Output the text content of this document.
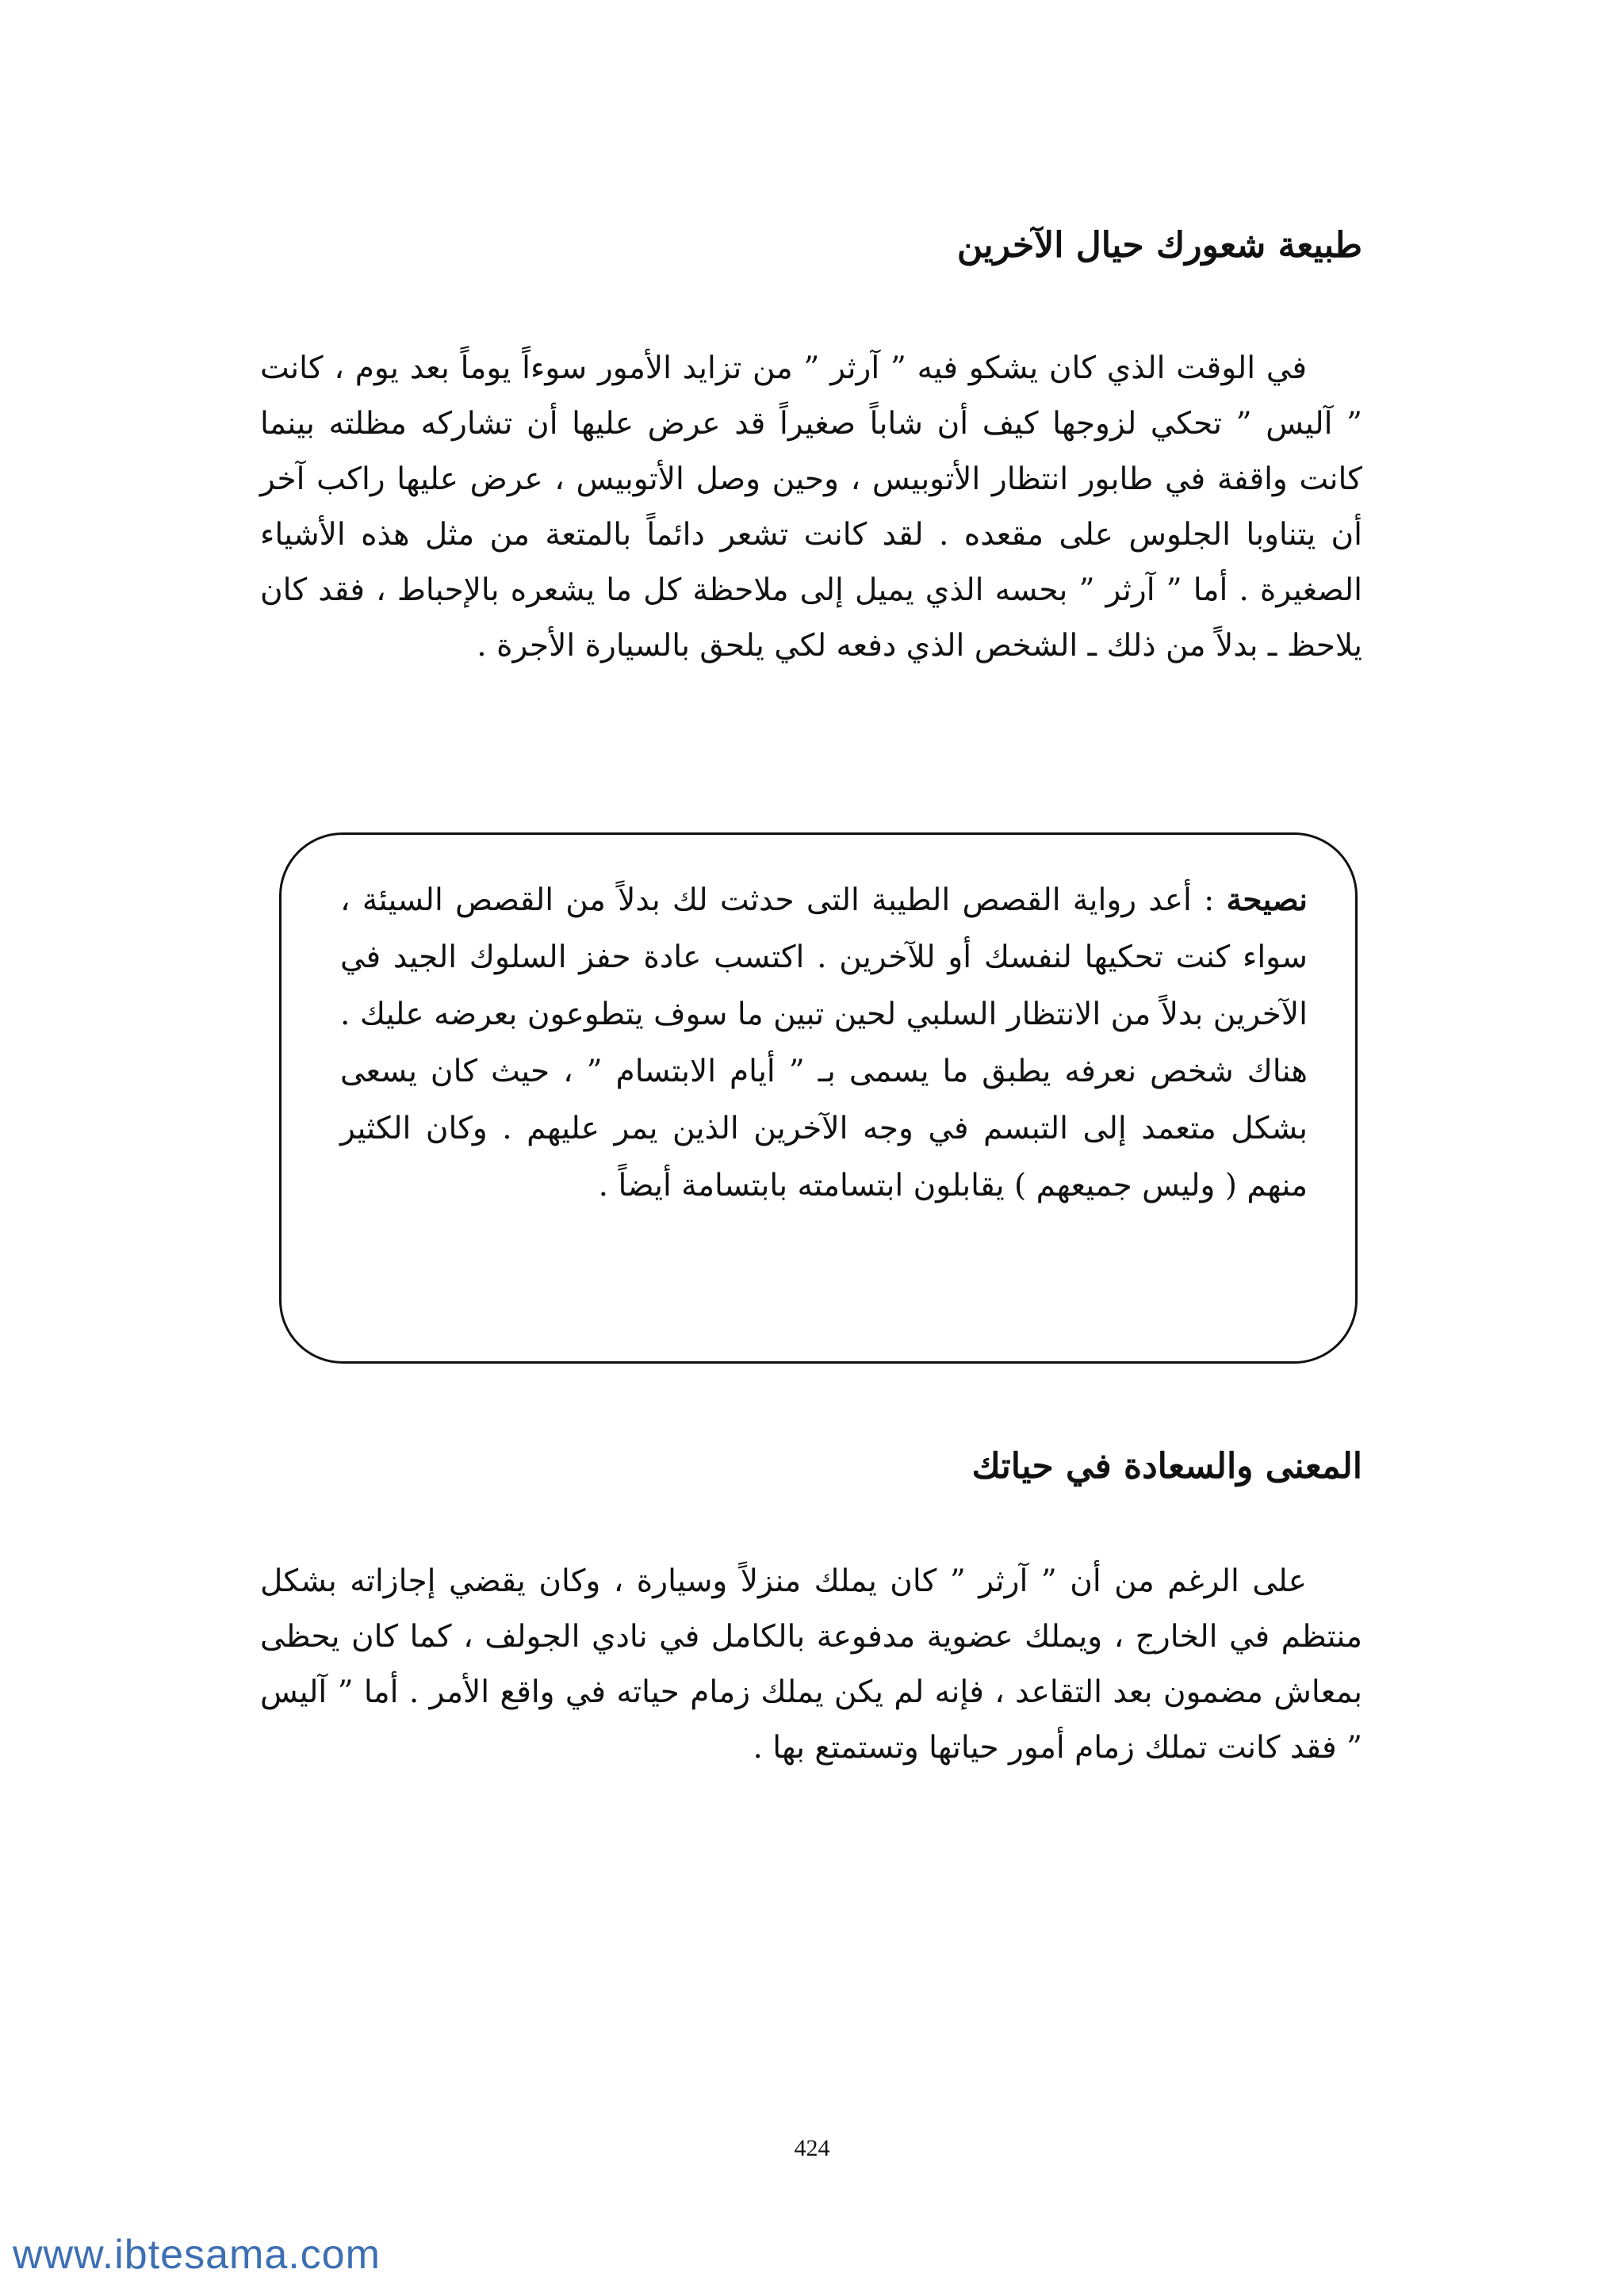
طبيعة شعورك حيال الآخرين

في الوقت الذي كان يشكو فيه ” آرثر ” من تزايد الأمور سوءاً يوماً بعد يوم ، كانت ” آليس ” تحكي لزوجها كيف أن شاباً صغيراً قد عرض عليها أن تشاركه مظلته بينما كانت واقفة في طابور انتظار الأتوبيس ، وحين وصل الأتوبيس ، عرض عليها راكب آخر أن يتناوبا الجلوس على مقعده . لقد كانت تشعر دائماً بالمتعة من مثل هذه الأشياء الصغيرة . أما ” آرثر ” بحسه الذي يميل إلى ملاحظة كل ما يشعره بالإحباط ، فقد كان يلاحظ ـ بدلاً من ذلك ـ الشخص الذي دفعه لكي يلحق بالسيارة الأجرة .

نصيحة : أعد رواية القصص الطيبة التى حدثت لك بدلاً من القصص السيئة ، سواء كنت تحكيها لنفسك أو للآخرين . اكتسب عادة حفز السلوك الجيد في الآخرين بدلاً من الانتظار السلبي لحين تبين ما سوف يتطوعون بعرضه عليك . هناك شخص نعرفه يطبق ما يسمى بـ ” أيام الابتسام ” ، حيث كان يسعى بشكل متعمد إلى التبسم في وجه الآخرين الذين يمر عليهم . وكان الكثير منهم ( وليس جميعهم ) يقابلون ابتسامته بابتسامة أيضاً .

المعنى والسعادة في حياتك

على الرغم من أن ” آرثر ” كان يملك منزلاً وسيارة ، وكان يقضي إجازاته بشكل منتظم في الخارج ، ويملك عضوية مدفوعة بالكامل في نادي الجولف ، كما كان يحظى بمعاش مضمون بعد التقاعد ، فإنه لم يكن يملك زمام حياته في واقع الأمر . أما ” آليس ” فقد كانت تملك زمام أمور حياتها وتستمتع بها .

424
www.ibtesama.com
